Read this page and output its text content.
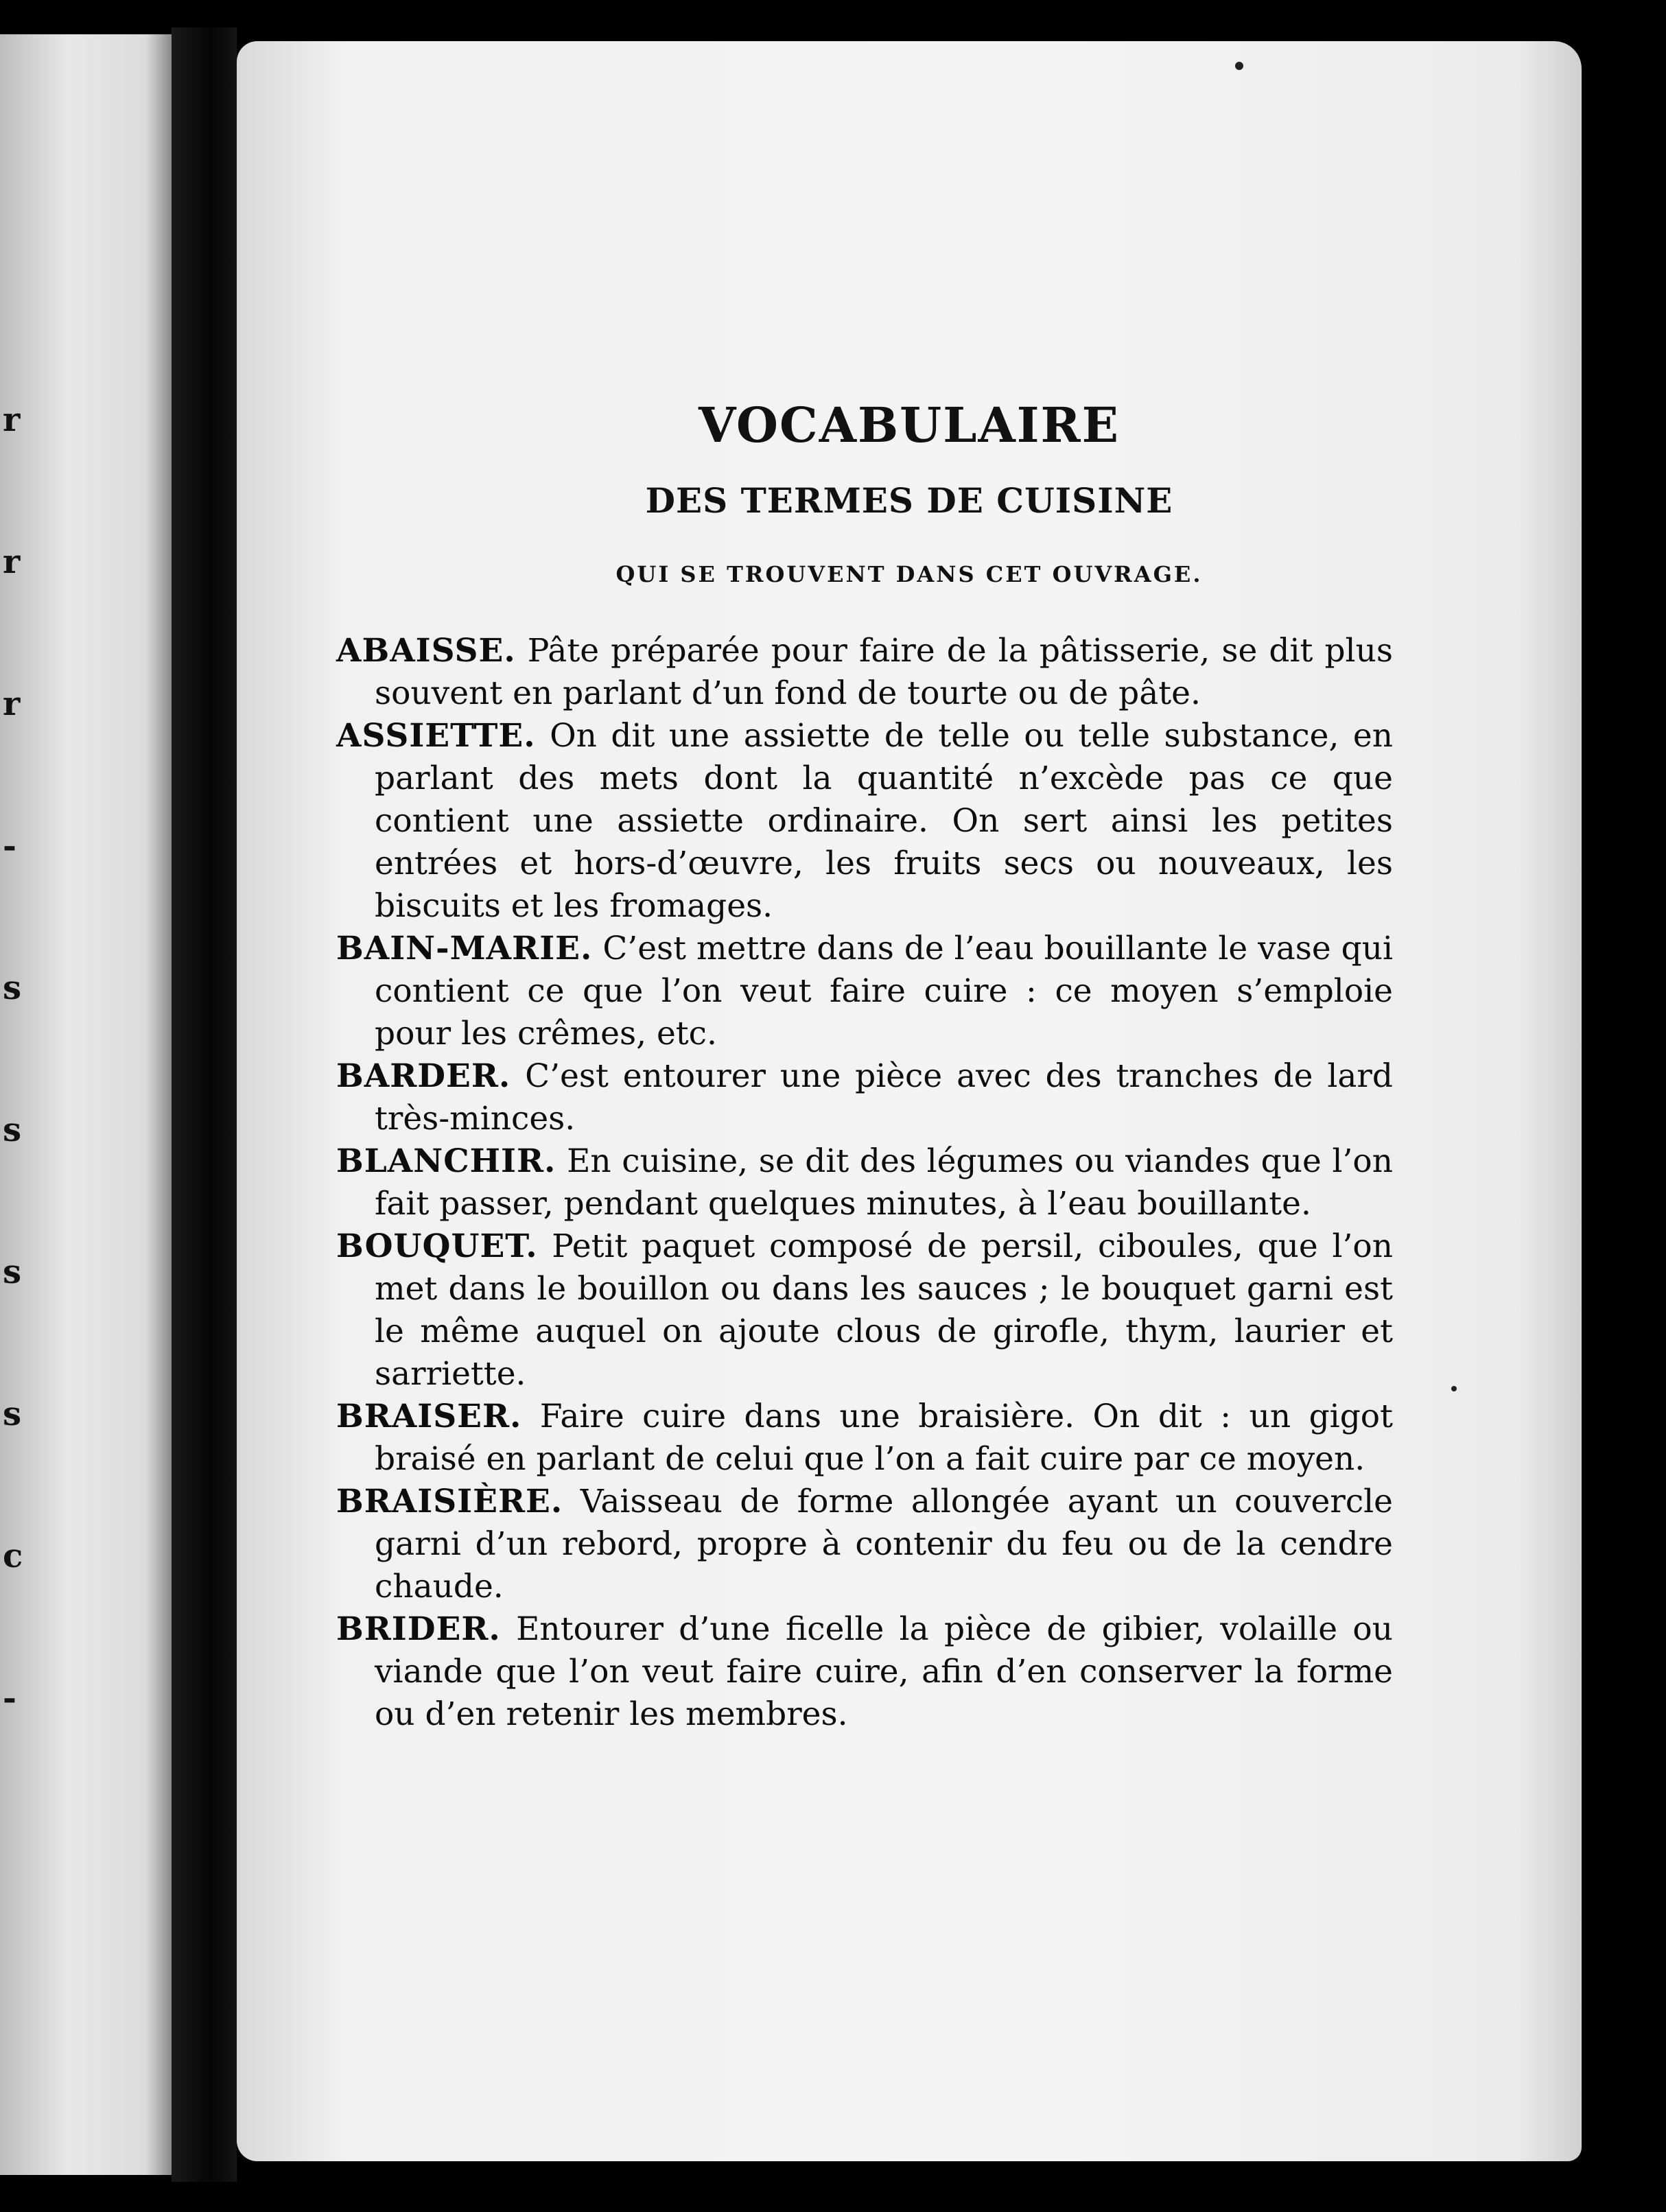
r

r

r

-

s

s

s

s

c

-

VOCABULAIRE
DES TERMES DE CUISINE
QUI SE TROUVENT DANS CET OUVRAGE.

ABAISSE. Pâte préparée pour faire de la pâtisserie, se dit plus souvent en parlant d’un fond de tourte ou de pâte.

ASSIETTE. On dit une assiette de telle ou telle substance, en parlant des mets dont la quantité n’excède pas ce que contient une assiette ordinaire. On sert ainsi les petites entrées et hors-d’œuvre, les fruits secs ou nouveaux, les biscuits et les fromages.

BAIN-MARIE. C’est mettre dans de l’eau bouillante le vase qui contient ce que l’on veut faire cuire : ce moyen s’emploie pour les crêmes, etc.

BARDER. C’est entourer une pièce avec des tranches de lard très-minces.

BLANCHIR. En cuisine, se dit des légumes ou viandes que l’on fait passer, pendant quelques minutes, à l’eau bouillante.

BOUQUET. Petit paquet composé de persil, ciboules, que l’on met dans le bouillon ou dans les sauces ; le bouquet garni est le même auquel on ajoute clous de girofle, thym, laurier et sarriette.

BRAISER. Faire cuire dans une braisière. On dit : un gigot braisé en parlant de celui que l’on a fait cuire par ce moyen.

BRAISIÈRE. Vaisseau de forme allongée ayant un couvercle garni d’un rebord, propre à contenir du feu ou de la cendre chaude.

BRIDER. Entourer d’une ficelle la pièce de gibier, volaille ou viande que l’on veut faire cuire, afin d’en conserver la forme ou d’en retenir les membres.
